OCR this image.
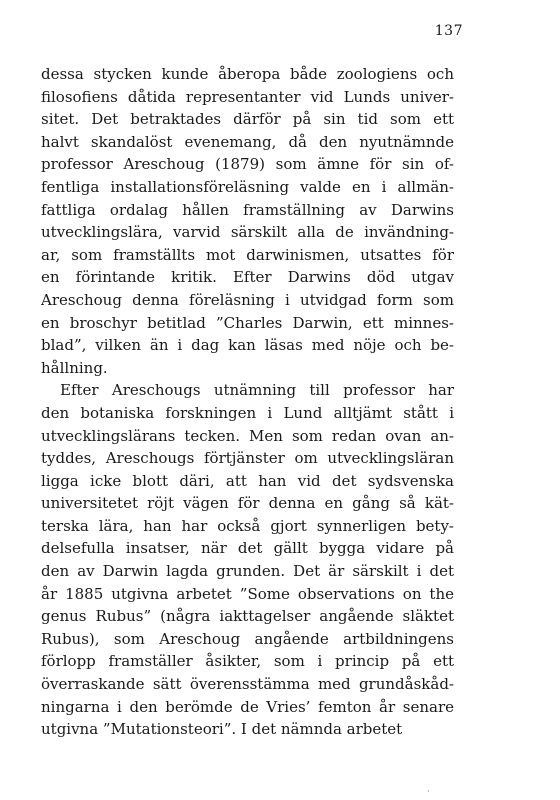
137
dessa stycken kunde åberopa både zoologiens och
filosofiens dåtida representanter vid Lunds univer-
sitet. Det betraktades därför på sin tid som ett
halvt skandalöst evenemang, då den nyutnämnde
professor Areschoug (1879) som ämne för sin of-
fentliga installationsföreläsning valde en i allmän-
fattliga ordalag hållen framställning av Darwins
utvecklingslära, varvid särskilt alla de invändning-
ar, som framställts mot darwinismen, utsattes för
en förintande kritik. Efter Darwins död utgav
Areschoug denna föreläsning i utvidgad form som
en broschyr betitlad ”Charles Darwin, ett minnes-
blad”, vilken än i dag kan läsas med nöje och be-
hållning.
Efter Areschougs utnämning till professor har
den botaniska forskningen i Lund alltjämt stått i
utvecklingslärans tecken. Men som redan ovan an-
tyddes, Areschougs förtjänster om utvecklingsläran
ligga icke blott däri, att han vid det sydsvenska
universitetet röjt vägen för denna en gång så kät-
terska lära, han har också gjort synnerligen bety-
delsefulla insatser, när det gällt bygga vidare på
den av Darwin lagda grunden. Det är särskilt i det
år 1885 utgivna arbetet ”Some observations on the
genus Rubus” (några iakttagelser angående släktet
Rubus), som Areschoug angående artbildningens
förlopp framställer åsikter, som i princip på ett
överraskande sätt överensstämma med grundåskåd-
ningarna i den berömde de Vries’ femton år senare
utgivna ”Mutationsteori”. I det nämnda arbetet
·
